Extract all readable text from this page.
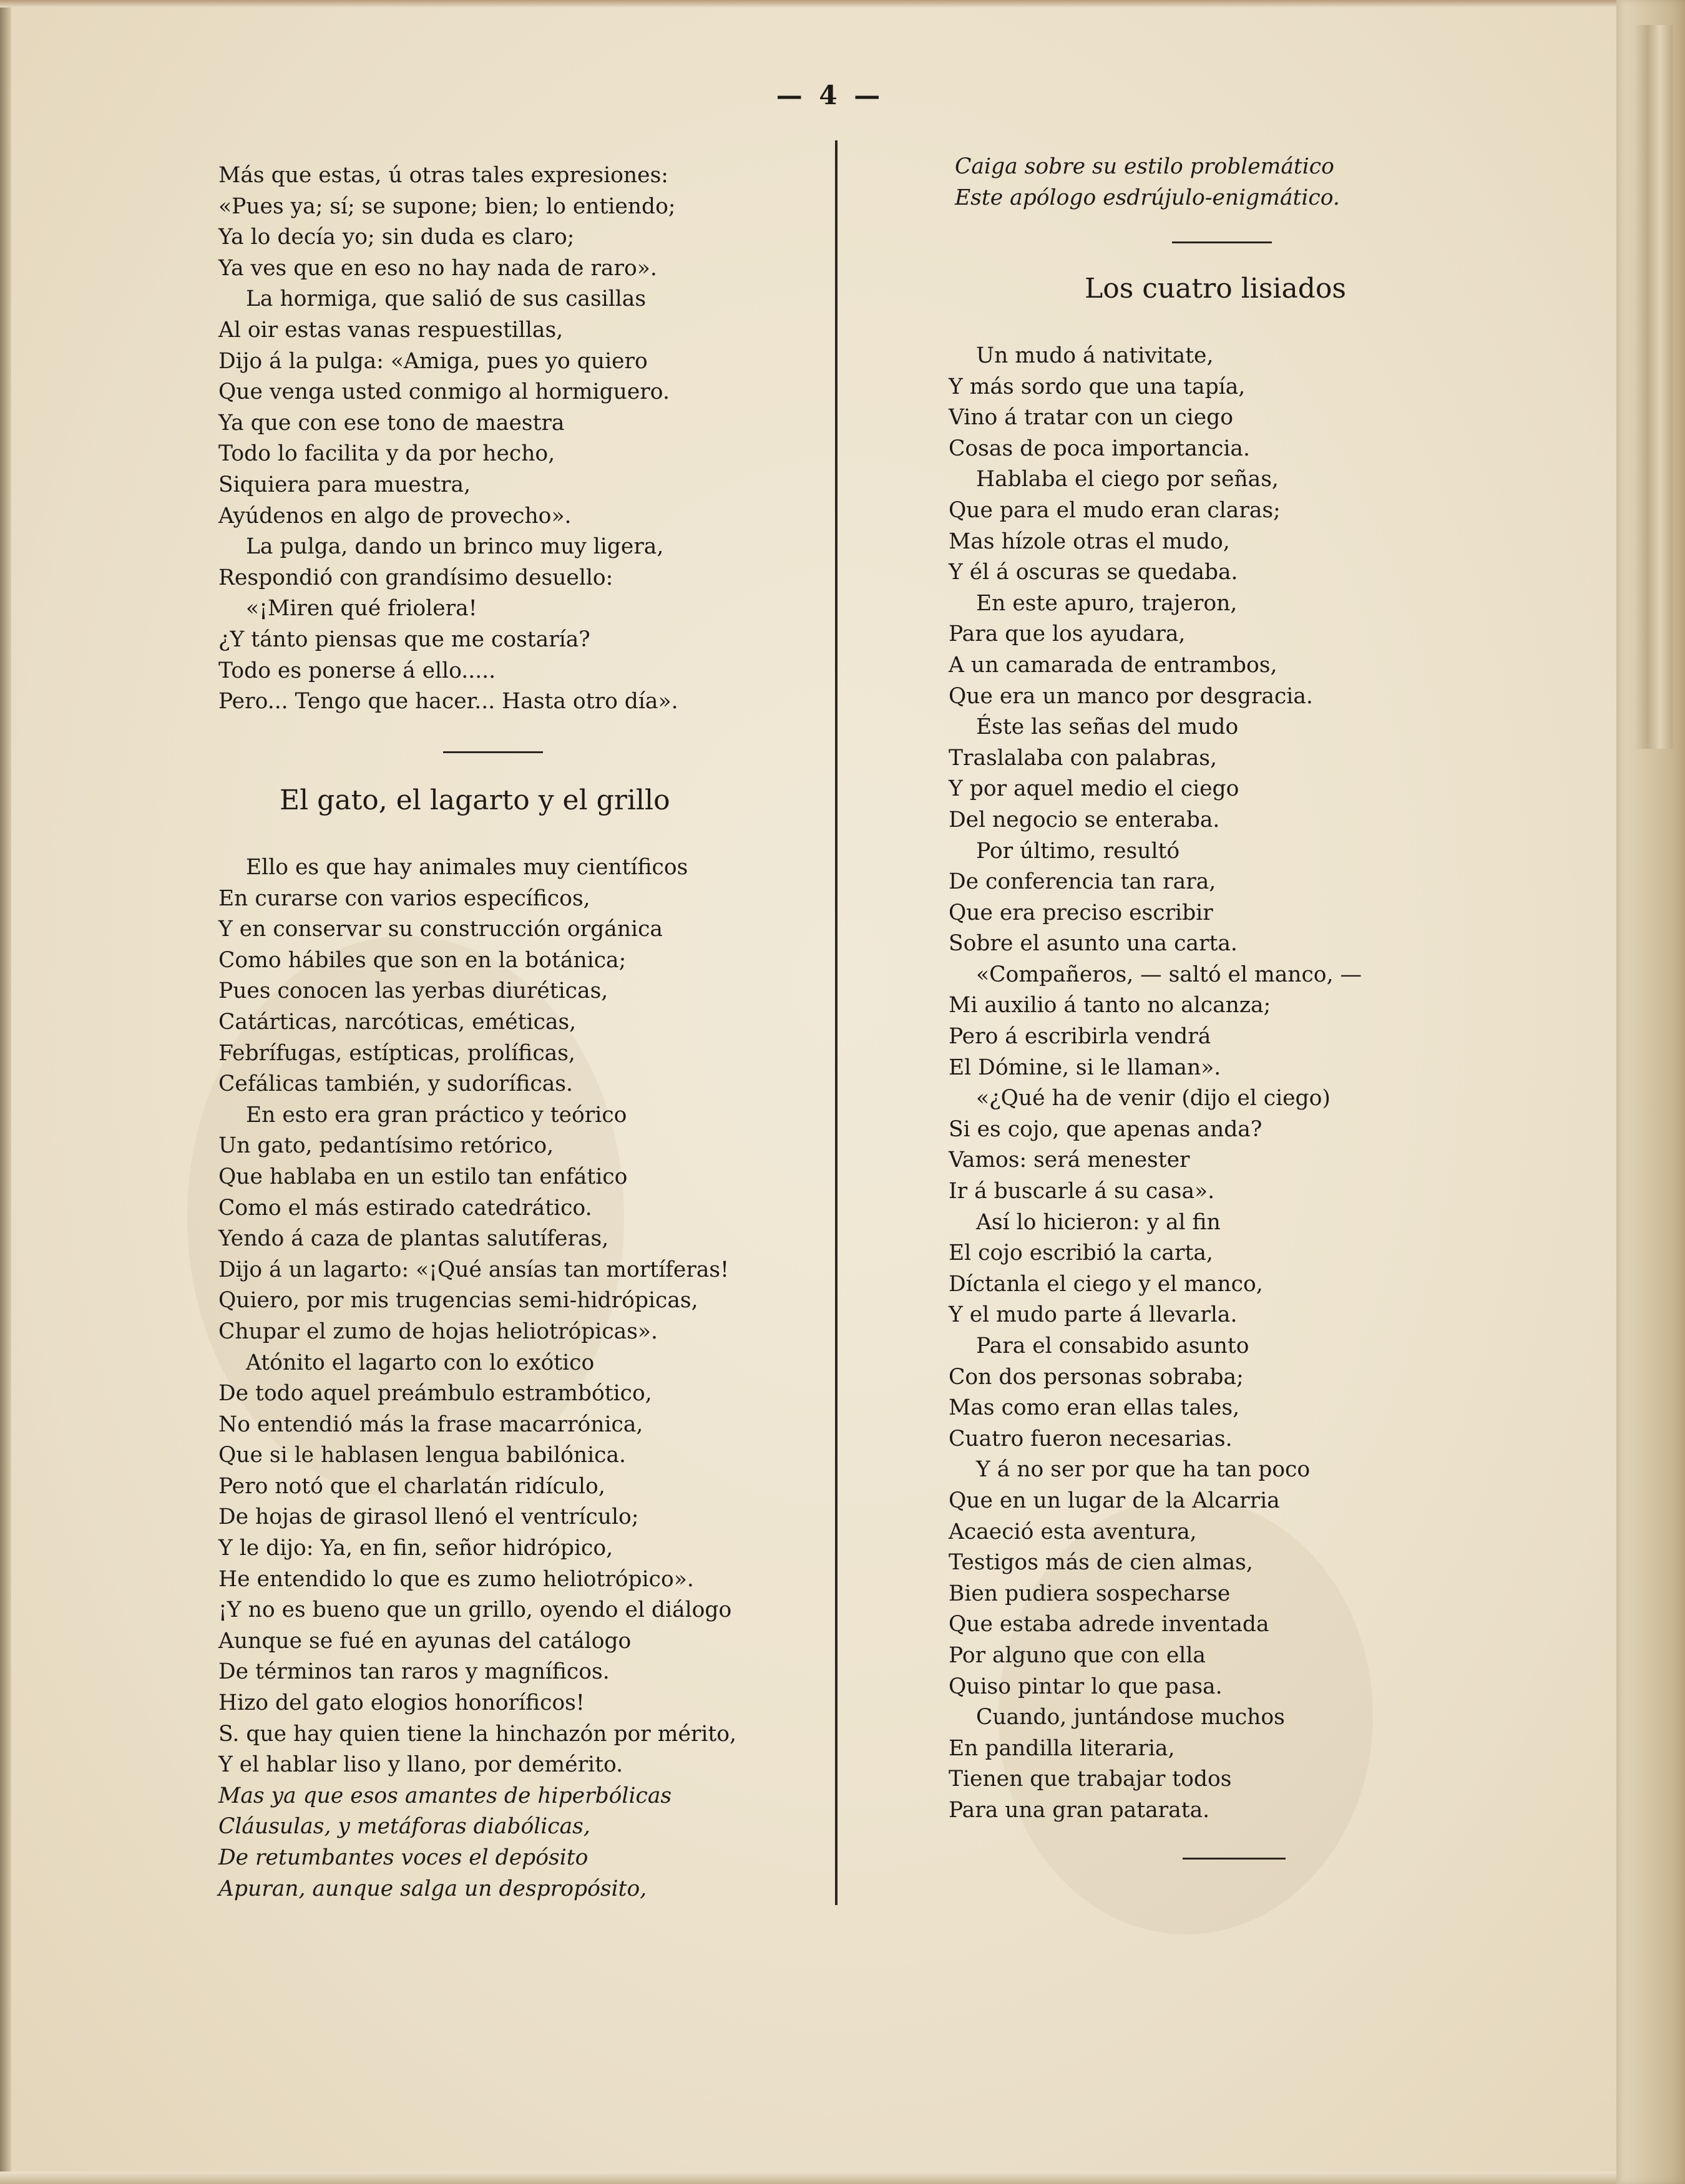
— 4 —
Más que estas, ú otras tales expresiones:
«Pues ya; sí; se supone; bien; lo entiendo;
Ya lo decía yo; sin duda es claro;
Ya ves que en eso no hay nada de raro».
La hormiga, que salió de sus casillas
Al oir estas vanas respuestillas,
Dijo á la pulga: «Amiga, pues yo quiero
Que venga usted conmigo al hormiguero.
Ya que con ese tono de maestra
Todo lo facilita y da por hecho,
Siquiera para muestra,
Ayúdenos en algo de provecho».
La pulga, dando un brinco muy ligera,
Respondió con grandísimo desuello:
«¡Miren qué friolera!
¿Y tánto piensas que me costaría?
Todo es ponerse á ello.....
Pero... Tengo que hacer... Hasta otro día».
El gato, el lagarto y el grillo
Ello es que hay animales muy científicos
En curarse con varios específicos,
Y en conservar su construcción orgánica
Como hábiles que son en la botánica;
Pues conocen las yerbas diuréticas,
Catárticas, narcóticas, eméticas,
Febrífugas, estípticas, prolíficas,
Cefálicas también, y sudoríficas.
En esto era gran práctico y teórico
Un gato, pedantísimo retórico,
Que hablaba en un estilo tan enfático
Como el más estirado catedrático.
Yendo á caza de plantas salutíferas,
Dijo á un lagarto: «¡Qué ansías tan mortíferas!
Quiero, por mis trugencias semi-hidrópicas,
Chupar el zumo de hojas heliotrópicas».
Atónito el lagarto con lo exótico
De todo aquel preámbulo estrambótico,
No entendió más la frase macarrónica,
Que si le hablasen lengua babilónica.
Pero notó que el charlatán ridículo,
De hojas de girasol llenó el ventrículo;
Y le dijo: Ya, en fin, señor hidrópico,
He entendido lo que es zumo heliotrópico».
¡Y no es bueno que un grillo, oyendo el diálogo
Aunque se fué en ayunas del catálogo
De términos tan raros y magníficos.
Hizo del gato elogios honoríficos!
S. que hay quien tiene la hinchazón por mérito,
Y el hablar liso y llano, por demérito.
Mas ya que esos amantes de hiperbólicas
Cláusulas, y metáforas diabólicas,
De retumbantes voces el depósito
Apuran, aunque salga un despropósito,
Caiga sobre su estilo problemático
Este apólogo esdrújulo-enigmático.
Los cuatro lisiados
Un mudo á nativitate,
Y más sordo que una tapía,
Vino á tratar con un ciego
Cosas de poca importancia.
Hablaba el ciego por señas,
Que para el mudo eran claras;
Mas hízole otras el mudo,
Y él á oscuras se quedaba.
En este apuro, trajeron,
Para que los ayudara,
A un camarada de entrambos,
Que era un manco por desgracia.
Éste las señas del mudo
Traslalaba con palabras,
Y por aquel medio el ciego
Del negocio se enteraba.
Por último, resultó
De conferencia tan rara,
Que era preciso escribir
Sobre el asunto una carta.
«Compañeros, — saltó el manco, —
Mi auxilio á tanto no alcanza;
Pero á escribirla vendrá
El Dómine, si le llaman».
«¿Qué ha de venir (dijo el ciego)
Si es cojo, que apenas anda?
Vamos: será menester
Ir á buscarle á su casa».
Así lo hicieron: y al fin
El cojo escribió la carta,
Díctanla el ciego y el manco,
Y el mudo parte á llevarla.
Para el consabido asunto
Con dos personas sobraba;
Mas como eran ellas tales,
Cuatro fueron necesarias.
Y á no ser por que ha tan poco
Que en un lugar de la Alcarria
Acaeció esta aventura,
Testigos más de cien almas,
Bien pudiera sospecharse
Que estaba adrede inventada
Por alguno que con ella
Quiso pintar lo que pasa.
Cuando, juntándose muchos
En pandilla literaria,
Tienen que trabajar todos
Para una gran patarata.
